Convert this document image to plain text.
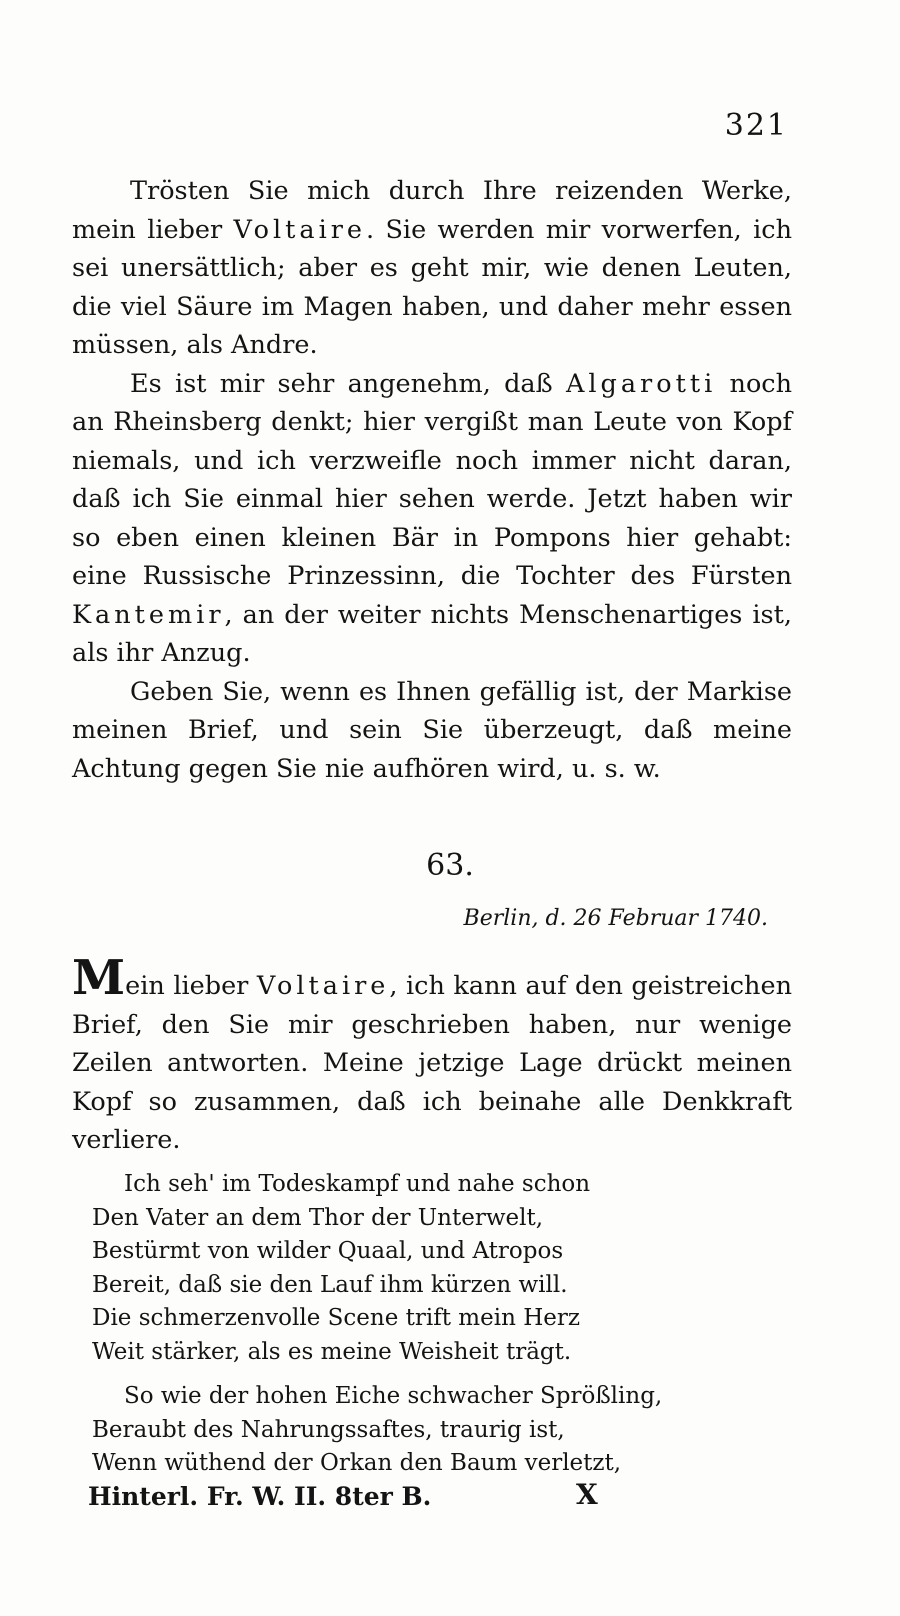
321

Trösten Sie mich durch Ihre reizenden Werke, mein lieber Voltaire. Sie werden mir vorwerfen, ich sei unersättlich; aber es geht mir, wie denen Leuten, die viel Säure im Magen haben, und daher mehr essen müssen, als Andre.

Es ist mir sehr angenehm, daß Algarotti noch an Rheinsberg denkt; hier vergißt man Leute von Kopf niemals, und ich verzweifle noch immer nicht daran, daß ich Sie einmal hier sehen werde. Jetzt haben wir so eben einen kleinen Bär in Pompons hier gehabt: eine Russische Prinzessinn, die Tochter des Fürsten Kantemir, an der weiter nichts Menschenartiges ist, als ihr Anzug.

Geben Sie, wenn es Ihnen gefällig ist, der Markise meinen Brief, und sein Sie überzeugt, daß meine Achtung gegen Sie nie aufhören wird, u. s. w.

63.
Berlin, d. 26 Februar 1740.

Mein lieber Voltaire, ich kann auf den geistreichen Brief, den Sie mir geschrieben haben, nur wenige Zeilen antworten. Meine jetzige Lage drückt meinen Kopf so zusammen, daß ich beinahe alle Denkkraft verliere.

Ich seh' im Todeskampf und nahe schon
Den Vater an dem Thor der Unterwelt,
Bestürmt von wilder Quaal, und Atropos
Bereit, daß sie den Lauf ihm kürzen will.
Die schmerzenvolle Scene trift mein Herz
Weit stärker, als es meine Weisheit trägt.
So wie der hohen Eiche schwacher Sprößling,
Beraubt des Nahrungssaftes, traurig ist,
Wenn wüthend der Orkan den Baum verletzt,
Hinterl. Fr. W. II. 8ter B.	X
